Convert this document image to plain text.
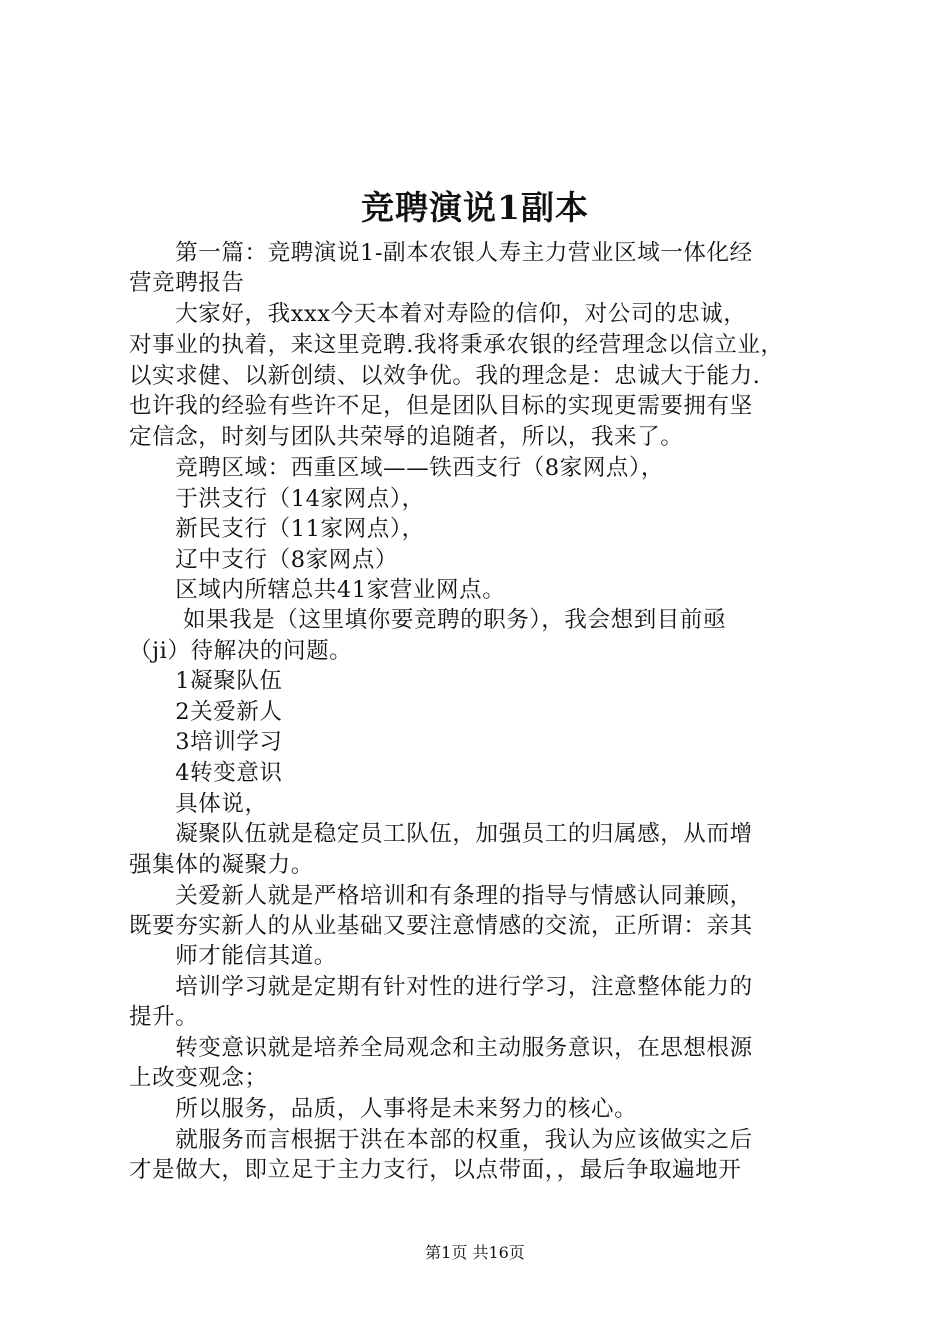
竞聘演说1副本
　　第一篇：竞聘演说1-副本农银人寿主力营业区域一体化经
营竞聘报告
　　大家好，我xxx今天本着对寿险的信仰，对公司的忠诚，
对事业的执着，来这里竞聘.我将秉承农银的经营理念以信立业，
以实求健、以新创绩、以效争优。我的理念是：忠诚大于能力.
也许我的经验有些许不足，但是团队目标的实现更需要拥有坚
定信念，时刻与团队共荣辱的追随者，所以，我来了。
　　竞聘区域：西重区域——铁西支行（8家网点），
　　于洪支行（14家网点），
　　新民支行（11家网点），
　　辽中支行（8家网点）
　　区域内所辖总共41家营业网点。
　　 如果我是（这里填你要竞聘的职务），我会想到目前亟
（ji）待解决的问题。
　　1凝聚队伍
　　2关爱新人
　　3培训学习
　　4转变意识
　　具体说，
　　凝聚队伍就是稳定员工队伍，加强员工的归属感，从而增
强集体的凝聚力。
　　关爱新人就是严格培训和有条理的指导与情感认同兼顾，
既要夯实新人的从业基础又要注意情感的交流，正所谓：亲其
　　师才能信其道。
　　培训学习就是定期有针对性的进行学习，注意整体能力的
提升。
　　转变意识就是培养全局观念和主动服务意识，在思想根源
上改变观念；
　　所以服务，品质，人事将是未来努力的核心。
　　就服务而言根据于洪在本部的权重，我认为应该做实之后
才是做大，即立足于主力支行，以点带面，，最后争取遍地开
第1页 共16页
